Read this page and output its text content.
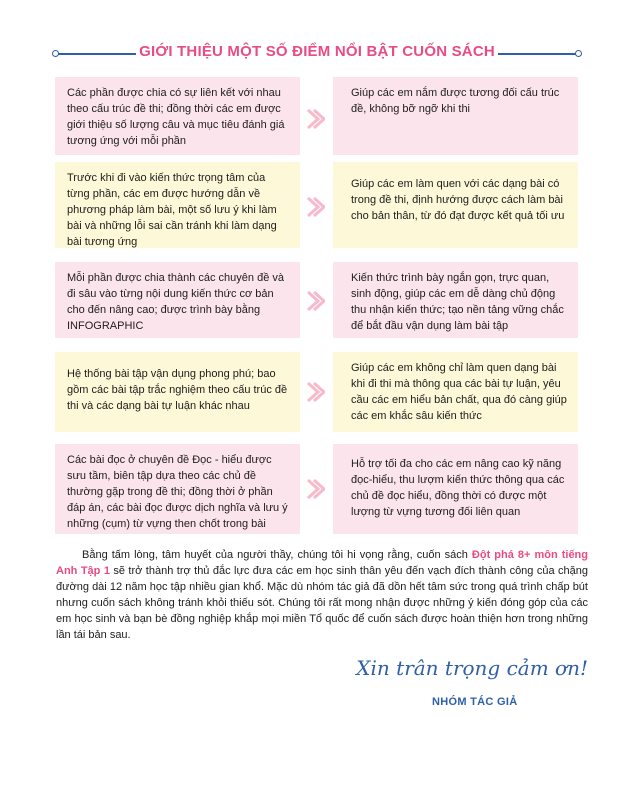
GIỚI THIỆU MỘT SỐ ĐIỂM NỔI BẬT CUỐN SÁCH
Các phần được chia có sự liên kết với nhau theo cấu trúc đề thi; đồng thời các em được giới thiệu số lượng câu và mục tiêu đánh giá tương ứng với mỗi phần
Giúp các em nắm được tương đối cấu trúc đề, không bỡ ngỡ khi thi
Trước khi đi vào kiến thức trọng tâm của từng phần, các em được hướng dẫn về phương pháp làm bài, một số lưu ý khi làm bài và những lỗi sai cần tránh khi làm dạng bài tương ứng
Giúp các em làm quen với các dạng bài có trong đề thi, định hướng được cách làm bài cho bản thân, từ đó đạt được kết quả tối ưu
Mỗi phần được chia thành các chuyên đề và đi sâu vào từng nội dung kiến thức cơ bản cho đến nâng cao; được trình bày bằng INFOGRAPHIC
Kiến thức trình bày ngắn gọn, trực quan, sinh động, giúp các em dễ dàng chủ động thu nhận kiến thức; tạo nền tảng vững chắc để bắt đầu vận dụng làm bài tập
Hệ thống bài tập vận dụng phong phú; bao gồm các bài tập trắc nghiệm theo cấu trúc đề thi và các dạng bài tự luận khác nhau
Giúp các em không chỉ làm quen dạng bài khi đi thi mà thông qua các bài tự luận, yêu cầu các em hiểu bản chất, qua đó càng giúp các em khắc sâu kiến thức
Các bài đọc ở chuyên đề Đọc - hiểu được sưu tầm, biên tập dựa theo các chủ đề thường gặp trong đề thi; đồng thời ở phần đáp án, các bài đọc được dịch nghĩa và lưu ý những (cụm) từ vựng then chốt trong bài
Hỗ trợ tối đa cho các em nâng cao kỹ năng đọc-hiểu, thu lượm kiến thức thông qua các chủ đề đọc hiểu, đồng thời có được một lượng từ vựng tương đối liên quan
Bằng tấm lòng, tâm huyết của người thầy, chúng tôi hi vọng rằng, cuốn sách Đột phá 8+ môn tiếng Anh Tập 1 sẽ trở thành trợ thủ đắc lực đưa các em học sinh thân yêu đến vạch đích thành công của chặng đường dài 12 năm học tập nhiều gian khổ. Mặc dù nhóm tác giả đã dồn hết tâm sức trong quá trình chấp bút nhưng cuốn sách không tránh khỏi thiếu sót. Chúng tôi rất mong nhận được những ý kiến đóng góp của các em học sinh và bạn bè đồng nghiệp khắp mọi miền Tổ quốc để cuốn sách được hoàn thiện hơn trong những lần tái bản sau.
Xin trân trọng cảm ơn!
NHÓM TÁC GIẢ
